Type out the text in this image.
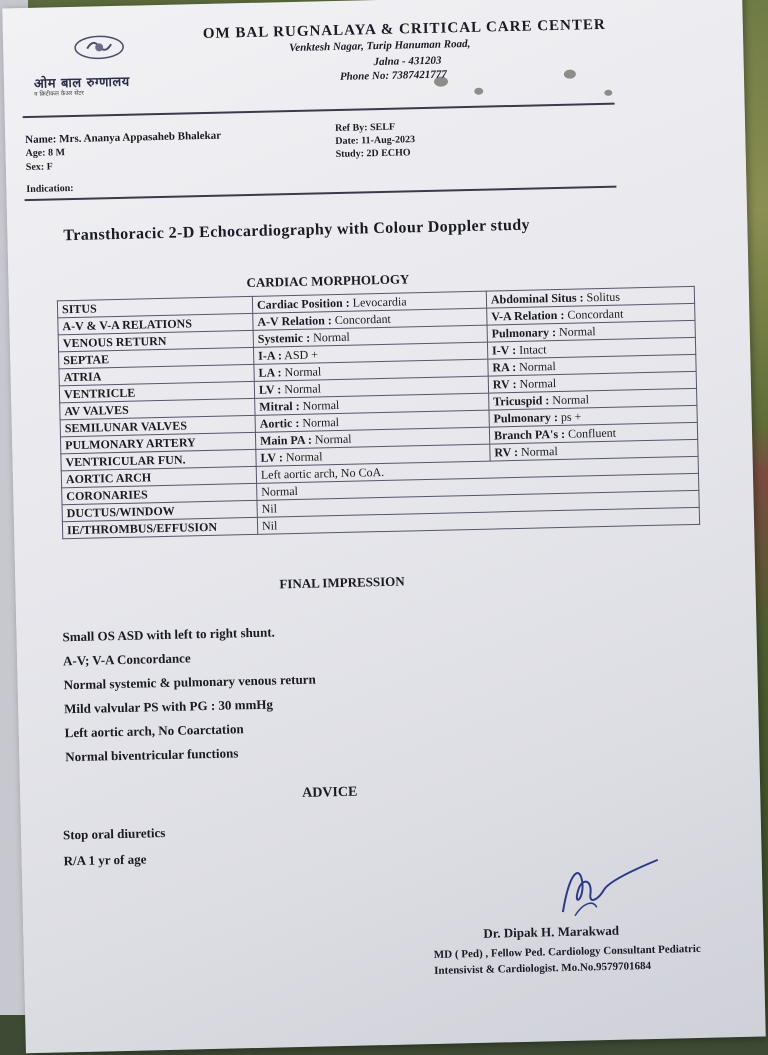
ओम बाल रुग्णालय
व क्रिटीकल केअर सेंटर
OM BAL RUGNALAYA & CRITICAL CARE CENTER
Venktesh Nagar, Turip Hanuman Road,
Jalna - 431203
Phone No: 7387421777
Name: Mrs. Ananya Appasaheb Bhalekar
Age: 8 M
Sex: F
Indication:
Ref By: SELF
Date: 11-Aug-2023
Study: 2D ECHO
Transthoracic 2-D Echocardiography with Colour Doppler study
CARDIAC MORPHOLOGY
SITUS	Cardiac Position : Levocardia	Abdominal Situs : Solitus
A-V & V-A RELATIONS	A-V Relation : Concordant	V-A Relation : Concordant
VENOUS RETURN	Systemic : Normal	Pulmonary : Normal
SEPTAE	I-A : ASD +	I-V : Intact
ATRIA	LA : Normal	RA : Normal
VENTRICLE	LV : Normal	RV : Normal
AV VALVES	Mitral : Normal	Tricuspid : Normal
SEMILUNAR VALVES	Aortic : Normal	Pulmonary : ps +
PULMONARY ARTERY	Main PA : Normal	Branch PA's : Confluent
VENTRICULAR FUN.	LV : Normal	RV : Normal
AORTIC ARCH	Left aortic arch, No CoA.	
CORONARIES	Normal	
DUCTUS/WINDOW	Nil	
IE/THROMBUS/EFFUSION	Nil	
FINAL IMPRESSION
Small OS ASD with left to right shunt.
A-V; V-A Concordance
Normal systemic & pulmonary venous return
Mild valvular PS with PG : 30 mmHg
Left aortic arch, No Coarctation
Normal biventricular functions
ADVICE
Stop oral diuretics
R/A 1 yr of age
Dr. Dipak H. Marakwad
MD ( Ped) , Fellow Ped. Cardiology Consultant Pediatric
Intensivist & Cardiologist. Mo.No.9579701684
